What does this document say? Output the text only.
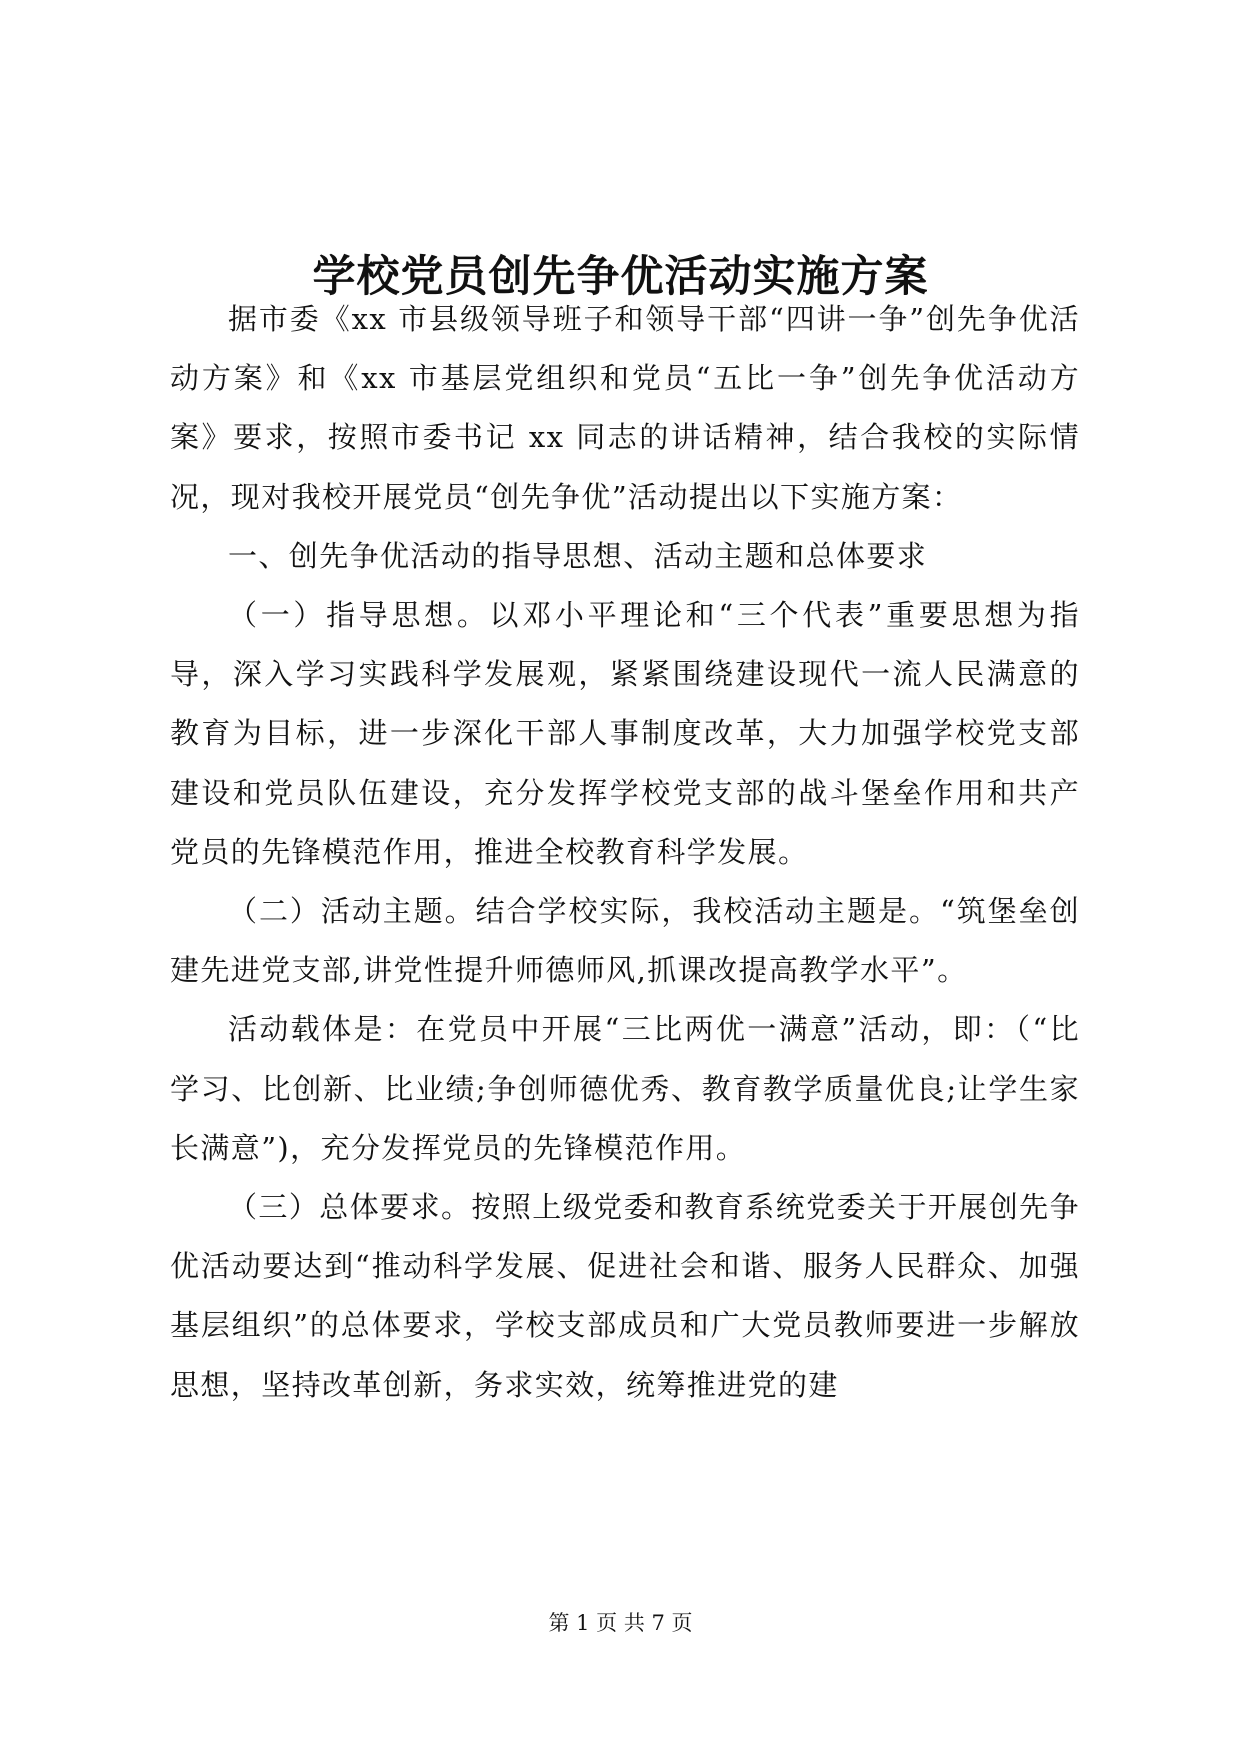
学校党员创先争优活动实施方案

据市委《xx 市县级领导班子和领导干部“四讲一争”创先争优活动方案》和《xx 市基层党组织和党员“五比一争”创先争优活动方案》要求，按照市委书记 xx 同志的讲话精神，结合我校的实际情况，现对我校开展党员“创先争优”活动提出以下实施方案：

一、创先争优活动的指导思想、活动主题和总体要求

（一）指导思想。以邓小平理论和“三个代表”重要思想为指导，深入学习实践科学发展观，紧紧围绕建设现代一流人民满意的教育为目标，进一步深化干部人事制度改革，大力加强学校党支部建设和党员队伍建设，充分发挥学校党支部的战斗堡垒作用和共产党员的先锋模范作用，推进全校教育科学发展。

（二）活动主题。结合学校实际，我校活动主题是。“筑堡垒创建先进党支部,讲党性提升师德师风,抓课改提高教学水平”。

活动载体是：在党员中开展“三比两优一满意”活动，即：（“比学习、比创新、比业绩;争创师德优秀、教育教学质量优良;让学生家长满意”)，充分发挥党员的先锋模范作用。

（三）总体要求。按照上级党委和教育系统党委关于开展创先争优活动要达到“推动科学发展、促进社会和谐、服务人民群众、加强基层组织”的总体要求，学校支部成员和广大党员教师要进一步解放思想，坚持改革创新，务求实效，统筹推进党的建

第 1 页 共 7 页
